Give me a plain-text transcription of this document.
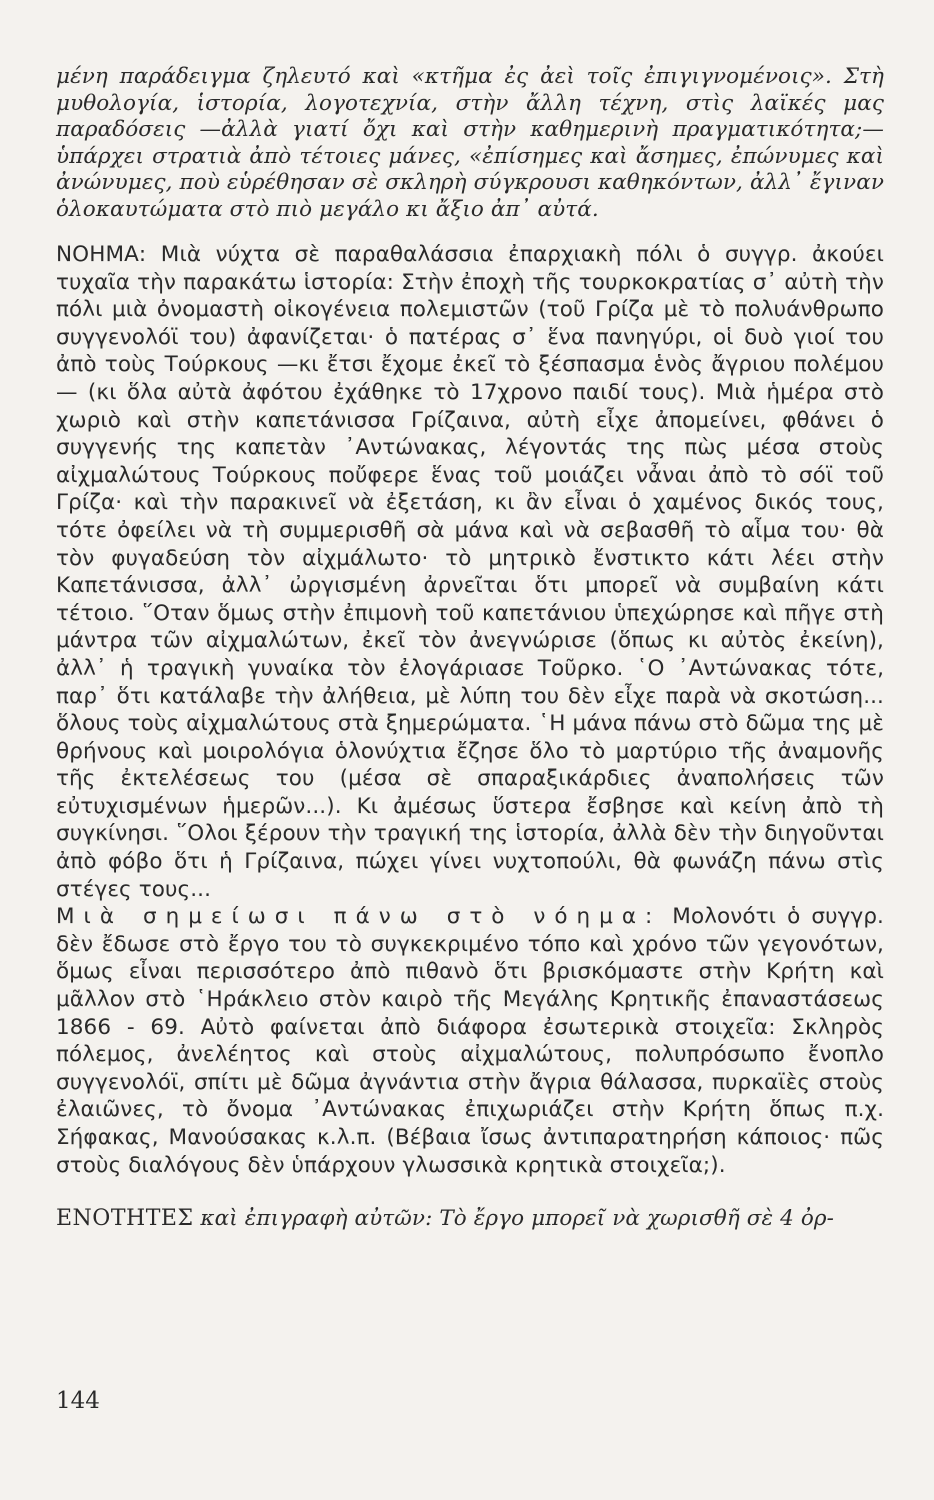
μένη παράδειγμα ζηλευτό καὶ «κτῆμα ἐς ἀεὶ τοῖς ἐπιγιγνομένοις». Στὴ μυθολογία, ἱστορία, λογοτεχνία, στὴν ἄλλη τέχνη, στὶς λαϊκές μας παραδόσεις —ἀλλὰ γιατί ὄχι καὶ στὴν καθημερινὴ πραγματικότητα;— ὑπάρχει στρατιὰ ἀπὸ τέτοιες μάνες, «ἐπίσημες καὶ ἄσημες, ἐπώνυμες καὶ ἀνώνυμες, ποὺ εὑρέθησαν σὲ σκληρὴ σύγκρουσι καθηκόντων, ἀλλ᾽ ἔγιναν ὁλοκαυτώματα στὸ πιὸ μεγάλο κι ἄξιο ἀπ᾽ αὐτά.

ΝΟΗΜΑ: Μιὰ νύχτα σὲ παραθαλάσσια ἐπαρχιακὴ πόλι ὁ συγγρ. ἀκούει τυχαῖα τὴν παρακάτω ἱστορία: Στὴν ἐποχὴ τῆς τουρκοκρατίας σ᾽ αὐτὴ τὴν πόλι μιὰ ὀνομαστὴ οἰκογένεια πολεμιστῶν (τοῦ Γρίζα μὲ τὸ πολυάνθρωπο συγγενολόϊ του) ἀφανίζεται· ὁ πατέρας σ᾽ ἕνα πανηγύρι, οἱ δυὸ γιοί του ἀπὸ τοὺς Τούρκους —κι ἔτσι ἔχομε ἐκεῖ τὸ ξέσπασμα ἑνὸς ἄγριου πολέμου— (κι ὅλα αὐτὰ ἀφότου ἐχάθηκε τὸ 17χρονο παιδί τους). Μιὰ ἡμέρα στὸ χωριὸ καὶ στὴν καπετάνισσα Γρίζαινα, αὐτὴ εἶχε ἀπομείνει, φθάνει ὁ συγγενής της καπετὰν ᾽Αντώνακας, λέγοντάς της πὼς μέσα στοὺς αἰχμαλώτους Τούρκους ποὔφερε ἕνας τοῦ μοιάζει νἆναι ἀπὸ τὸ σόϊ τοῦ Γρίζα· καὶ τὴν παρακινεῖ νὰ ἐξετάση, κι ἂν εἶναι ὁ χαμένος δικός τους, τότε ὀφείλει νὰ τὴ συμμερισθῆ σὰ μάνα καὶ νὰ σεβασθῆ τὸ αἷμα του· θὰ τὸν φυγαδεύση τὸν αἰχμάλωτο· τὸ μητρικὸ ἔνστικτο κάτι λέει στὴν Καπετάνισσα, ἀλλ᾽ ὠργισμένη ἀρνεῖται ὅτι μπορεῖ νὰ συμβαίνη κάτι τέτοιο. ῞Οταν ὅμως στὴν ἐπιμονὴ τοῦ καπετάνιου ὑπεχώρησε καὶ πῆγε στὴ μάντρα τῶν αἰχμαλώτων, ἐκεῖ τὸν ἀνεγνώρισε (ὅπως κι αὐτὸς ἐκείνη), ἀλλ᾽ ἡ τραγικὴ γυναίκα τὸν ἐλογάριασε Τοῦρκο. ῾Ο ᾽Αντώνακας τότε, παρ᾽ ὅτι κατάλαβε τὴν ἀλήθεια, μὲ λύπη του δὲν εἶχε παρὰ νὰ σκοτώση... ὅλους τοὺς αἰχμαλώτους στὰ ξημερώματα. ῾Η μάνα πάνω στὸ δῶμα της μὲ θρήνους καὶ μοιρολόγια ὁλονύχτια ἔζησε ὅλο τὸ μαρτύριο τῆς ἀναμονῆς τῆς ἐκτελέσεως του (μέσα σὲ σπαραξικάρδιες ἀναπολήσεις τῶν εὐτυχισμένων ἡμερῶν...). Κι ἀμέσως ὕστερα ἔσβησε καὶ κείνη ἀπὸ τὴ συγκίνησι. ῞Ολοι ξέρουν τὴν τραγική της ἱστορία, ἀλλὰ δὲν τὴν διηγοῦνται ἀπὸ φόβο ὅτι ἡ Γρίζαινα, πώχει γίνει νυχτοπούλι, θὰ φωνάζη πάνω στὶς στέγες τους...

Μιὰ σημείωσι πάνω στὸ νόημα: Μολονότι ὁ συγγρ. δὲν ἔδωσε στὸ ἔργο του τὸ συγκεκριμένο τόπο καὶ χρόνο τῶν γεγονότων, ὅμως εἶναι περισσότερο ἀπὸ πιθανὸ ὅτι βρισκόμαστε στὴν Κρήτη καὶ μᾶλλον στὸ ῾Ηράκλειο στὸν καιρὸ τῆς Μεγάλης Κρητικῆς ἐπαναστάσεως 1866 - 69. Αὐτὸ φαίνεται ἀπὸ διάφορα ἐσωτερικὰ στοιχεῖα: Σκληρὸς πόλεμος, ἀνελέητος καὶ στοὺς αἰχμαλώτους, πολυπρόσωπο ἔνοπλο συγγενολόϊ, σπίτι μὲ δῶμα ἀγνάντια στὴν ἄγρια θάλασσα, πυρκαϊὲς στοὺς ἐλαιῶνες, τὸ ὄνομα ᾽Αντώνακας ἐπιχωριάζει στὴν Κρήτη ὅπως π.χ. Σήφακας, Μανούσακας κ.λ.π. (Βέβαια ἴσως ἀντιπαρατηρήση κάποιος· πῶς στοὺς διαλόγους δὲν ὑπάρχουν γλωσσικὰ κρητικὰ στοιχεῖα;).

ΕΝΟΤΗΤΕΣ καὶ ἐπιγραφὴ αὐτῶν: Τὸ ἔργο μπορεῖ νὰ χωρισθῆ σὲ 4 ὀρ-

144
